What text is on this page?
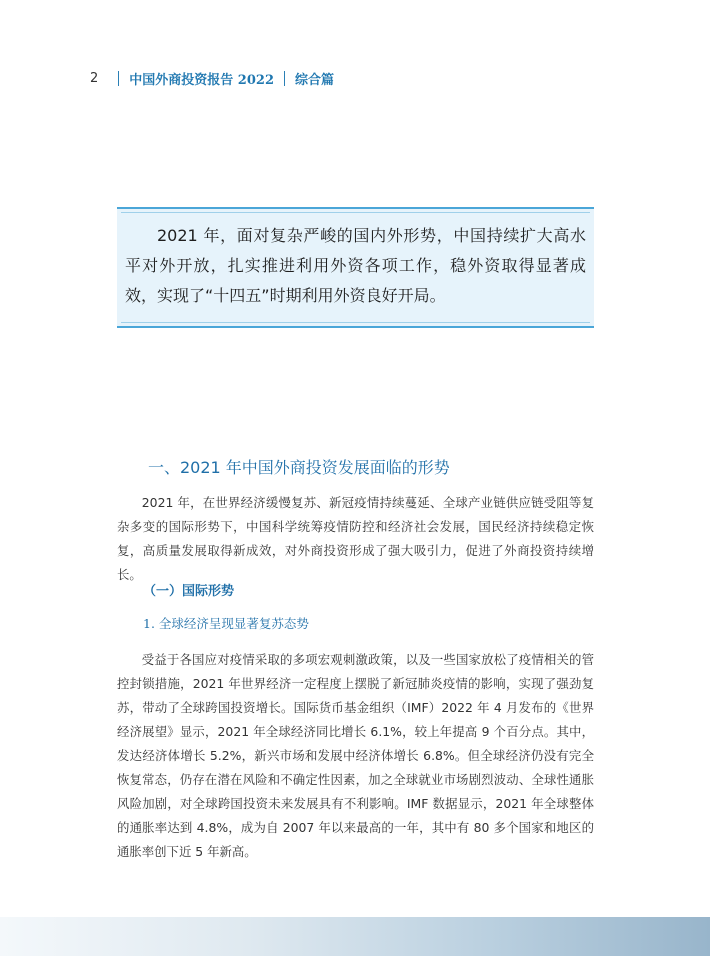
2 中国外商投资报告 2022 综合篇
2021 年，面对复杂严峻的国内外形势，中国持续扩大高水平对外开放，扎实推进利用外资各项工作，稳外资取得显著成效，实现了“十四五”时期利用外资良好开局。
一、2021 年中国外商投资发展面临的形势
2021 年，在世界经济缓慢复苏、新冠疫情持续蔓延、全球产业链供应链受阻等复杂多变的国际形势下，中国科学统筹疫情防控和经济社会发展，国民经济持续稳定恢复，高质量发展取得新成效，对外商投资形成了强大吸引力，促进了外商投资持续增长。
（一）国际形势
1. 全球经济呈现显著复苏态势
受益于各国应对疫情采取的多项宏观刺激政策，以及一些国家放松了疫情相关的管控封锁措施，2021 年世界经济一定程度上摆脱了新冠肺炎疫情的影响，实现了强劲复苏，带动了全球跨国投资增长。国际货币基金组织（IMF）2022 年 4 月发布的《世界经济展望》显示，2021 年全球经济同比增长 6.1%，较上年提高 9 个百分点。其中，发达经济体增长 5.2%，新兴市场和发展中经济体增长 6.8%。但全球经济仍没有完全恢复常态，仍存在潜在风险和不确定性因素，加之全球就业市场剧烈波动、全球性通胀风险加剧，对全球跨国投资未来发展具有不利影响。IMF 数据显示，2021 年全球整体的通胀率达到 4.8%，成为自 2007 年以来最高的一年，其中有 80 多个国家和地区的通胀率创下近 5 年新高。
